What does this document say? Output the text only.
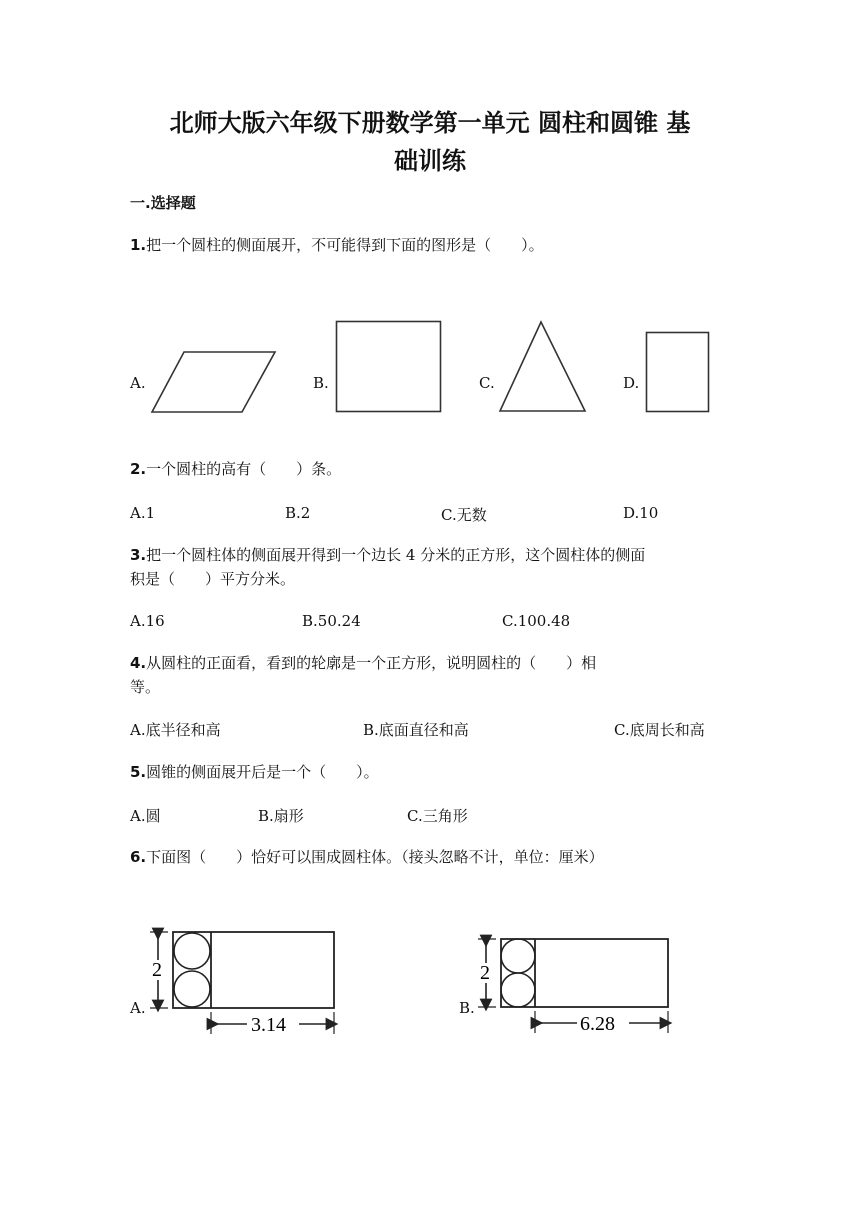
北师大版六年级下册数学第一单元 圆柱和圆锥 基
础训练
一.选择题
1.把一个圆柱的侧面展开，不可能得到下面的图形是（　　）。
A.	B.	C.	D.
2.一个圆柱的高有（　　）条。
A.1	B.2	C.无数	D.10
3.把一个圆柱体的侧面展开得到一个边长 4 分米的正方形，这个圆柱体的侧面
积是（　　）平方分米。
A.16	B.50.24	C.100.48
4.从圆柱的正面看，看到的轮廓是一个正方形，说明圆柱的（　　）相
等。
A.底半径和高	B.底面直径和高	C.底周长和高
5.圆锥的侧面展开后是一个（　　）。
A.圆	B.扇形	C.三角形
6.下面图（　　）恰好可以围成圆柱体。（接头忽略不计，单位：厘米）
A.
2
3.14
B.
2
6.28
